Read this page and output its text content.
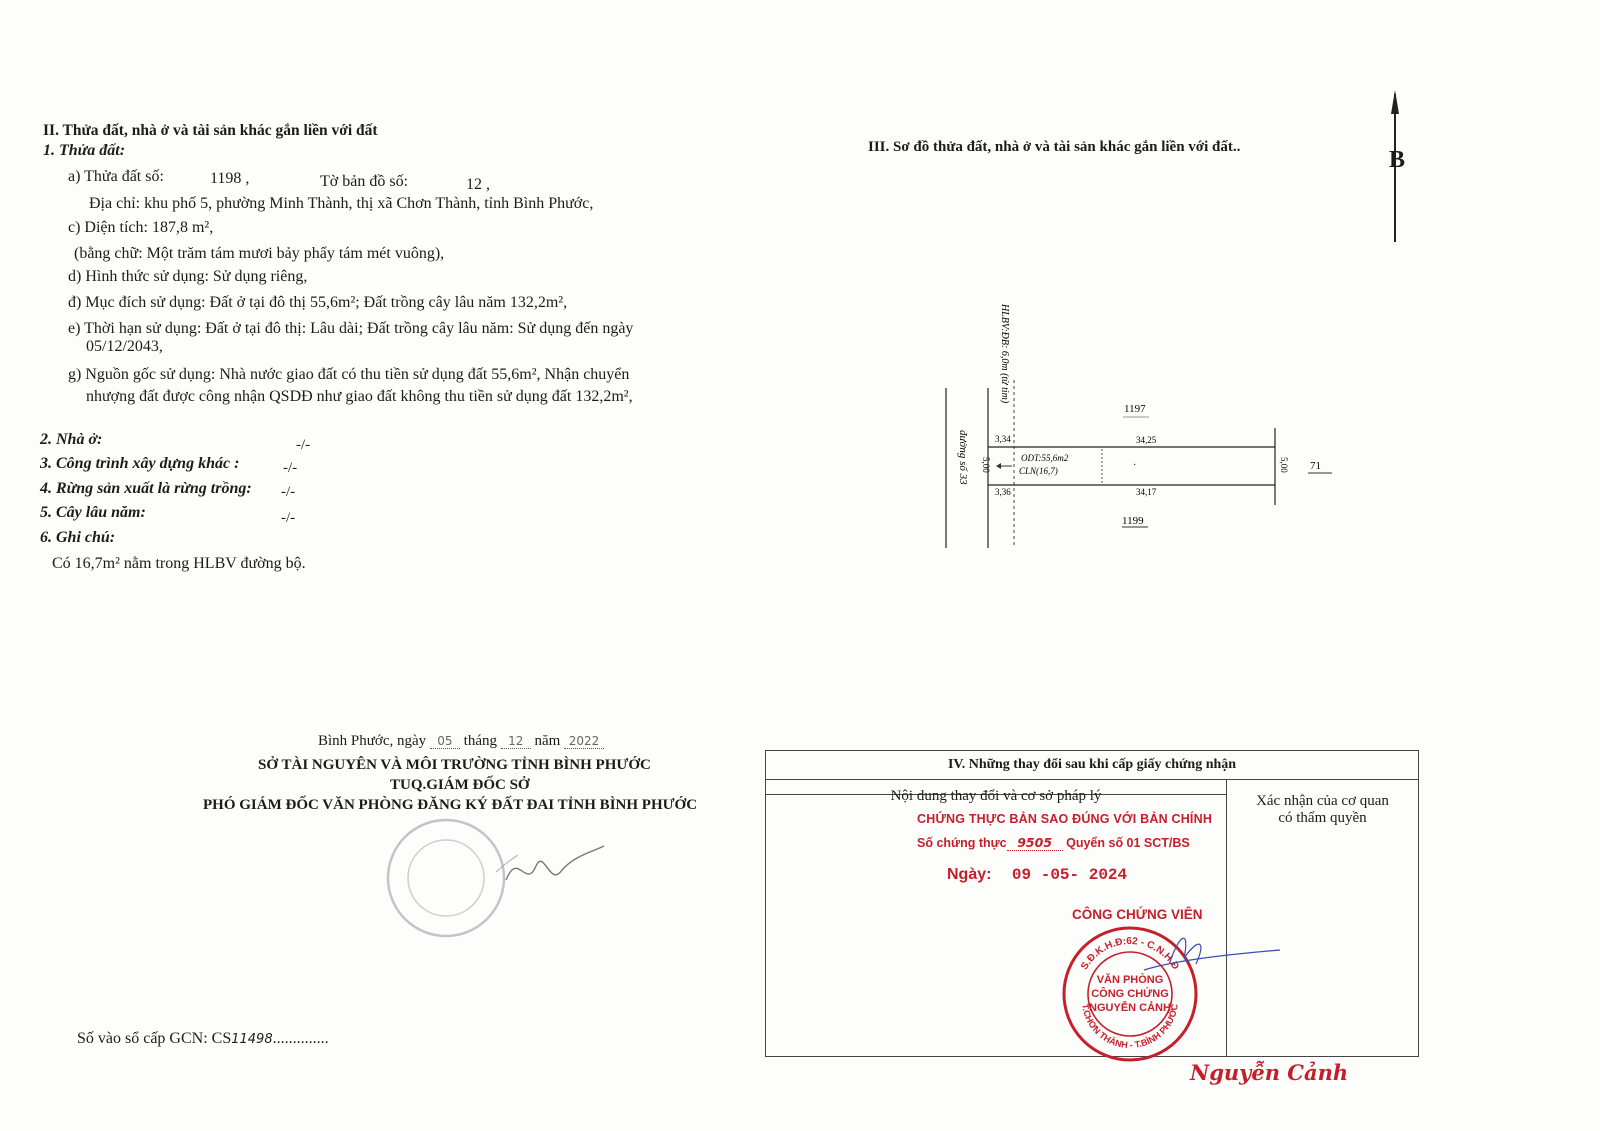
II. Thửa đất, nhà ở và tài sản khác gắn liền với đất
1. Thửa đất:
a) Thửa đất số:	1198 ,	Tờ bản đồ số:	12 ,
Địa chỉ: khu phố 5, phường Minh Thành, thị xã Chơn Thành, tỉnh Bình Phước,
c) Diện tích: 187,8 m²,
(bằng chữ: Một trăm tám mươi bảy phẩy tám mét vuông),
d) Hình thức sử dụng: Sử dụng riêng,
đ) Mục đích sử dụng: Đất ở tại đô thị 55,6m²; Đất trồng cây lâu năm 132,2m²,
e) Thời hạn sử dụng: Đất ở tại đô thị: Lâu dài; Đất trồng cây lâu năm: Sử dụng đến ngày
05/12/2043,
g) Nguồn gốc sử dụng: Nhà nước giao đất có thu tiền sử dụng đất 55,6m², Nhận chuyển
nhượng đất được công nhận QSDĐ như giao đất không thu tiền sử dụng đất 132,2m²,
2. Nhà ở:	-/-
3. Công trình xây dựng khác :	-/-
4. Rừng sản xuất là rừng trồng: -/-
5. Cây lâu năm:	-/-
6. Ghi chú:
Có 16,7m² nằm trong HLBV đường bộ.
III. Sơ đồ thửa đất, nhà ở và tài sản khác gắn liền với đất..	B
đường số 33
HLBV:ĐB: 6,0m (từ tim)
1197
1199
71
3,34	34,25
3,36	34,17
5,00	5,00
ODT:55,6m2
CLN(16,7)	·
Bình Phước, ngày 05 tháng 12 năm 2022
SỞ TÀI NGUYÊN VÀ MÔI TRƯỜNG TỈNH BÌNH PHƯỚC
TUQ.GIÁM ĐỐC SỞ
PHÓ GIÁM ĐỐC VĂN PHÒNG ĐĂNG KÝ ĐẤT ĐAI TỈNH BÌNH PHƯỚC
Số vào sổ cấp GCN: CS11498..............
IV. Những thay đổi sau khi cấp giấy chứng nhận
Nội dung thay đổi và cơ sở pháp lý	Xác nhận của cơ quan
có thẩm quyền
CHỨNG THỰC BẢN SAO ĐÚNG VỚI BẢN CHÍNH
Số chứng thực 9505 Quyển số 01 SCT/BS
Ngày: 09 -05- 2024
CÔNG CHỨNG VIÊN
S.Đ.K.H.Đ:62 - C.N.H.Đ
T.CHƠN THÀNH - T.BÌNH PHƯỚC
VĂN PHÒNG
CÔNG CHỨNG
NGUYỄN CẢNH
Nguyễn Cảnh
